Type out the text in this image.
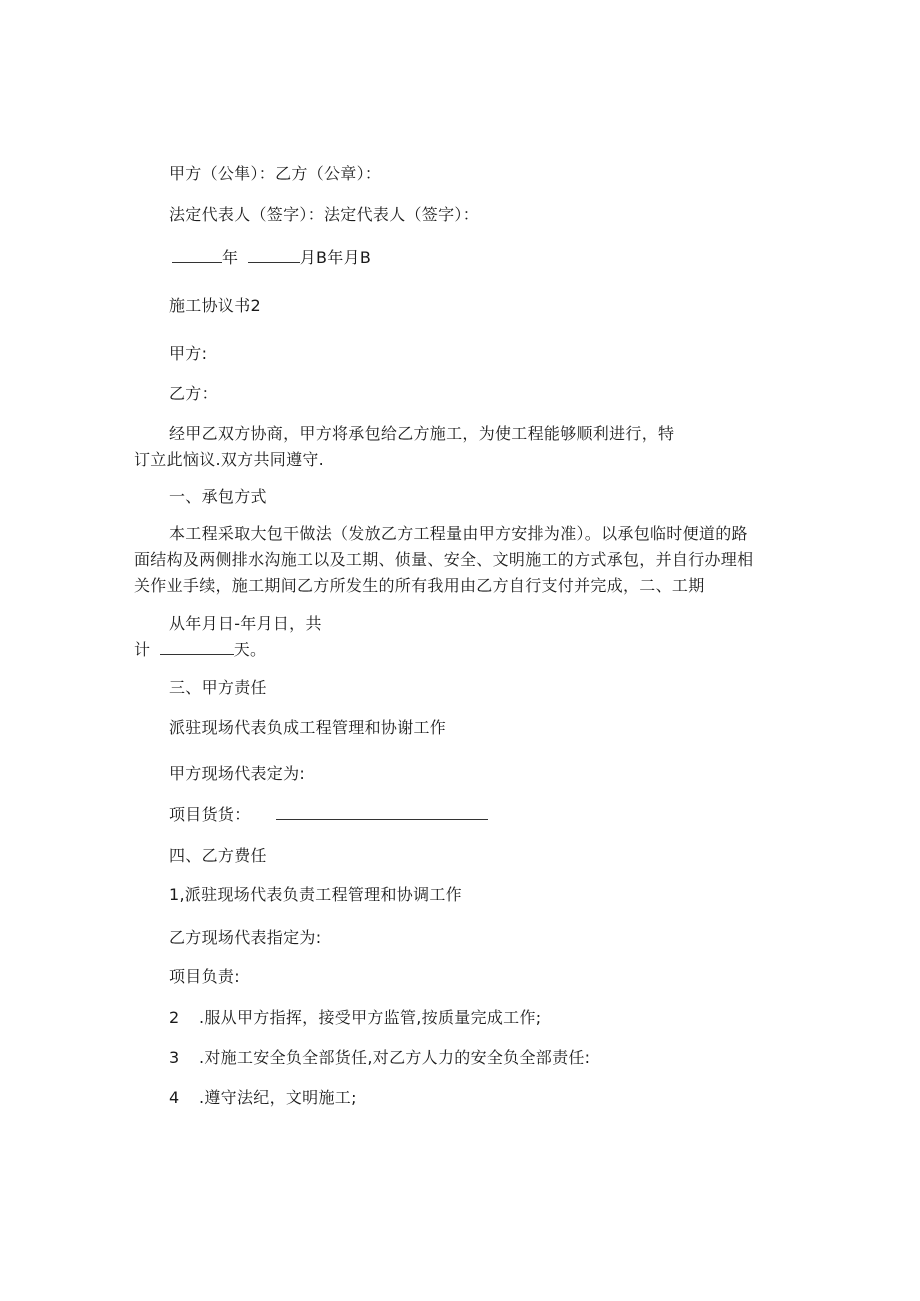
甲方（公隼）：乙方（公章）：
法定代表人（签字）：法定代表人（签字）：
年	月B年月B
施工协议书2
甲方:
乙方：
经甲乙双方协商，甲方将承包给乙方施工，为使工程能够顺利进行，特
订立此恼议.双方共同遵守.
一、承包方式
本工程采取大包干做法（发放乙方工程量由甲方安排为准）。以承包临时便道的路
面结构及两侧排水沟施工以及工期、侦量、安全、文明施工的方式承包，并自行办理相
关作业手续，施工期间乙方所发生的所有我用由乙方自行支付并完成，二、工期
从年月日-年月日，共
计	天。
三、甲方责任
派驻现场代表负成工程管理和协谢工作
甲方现场代表定为:
项目货货：
四、乙方费任
1,派驻现场代表负责工程管理和协调工作
乙方现场代表指定为:
项目负责:
2 .服从甲方指挥，接受甲方监管,按质量完成工作;
3 .对施工安全负全部货任,对乙方人力的安全负全部责任:
4 .遵守法纪，文明施工;
